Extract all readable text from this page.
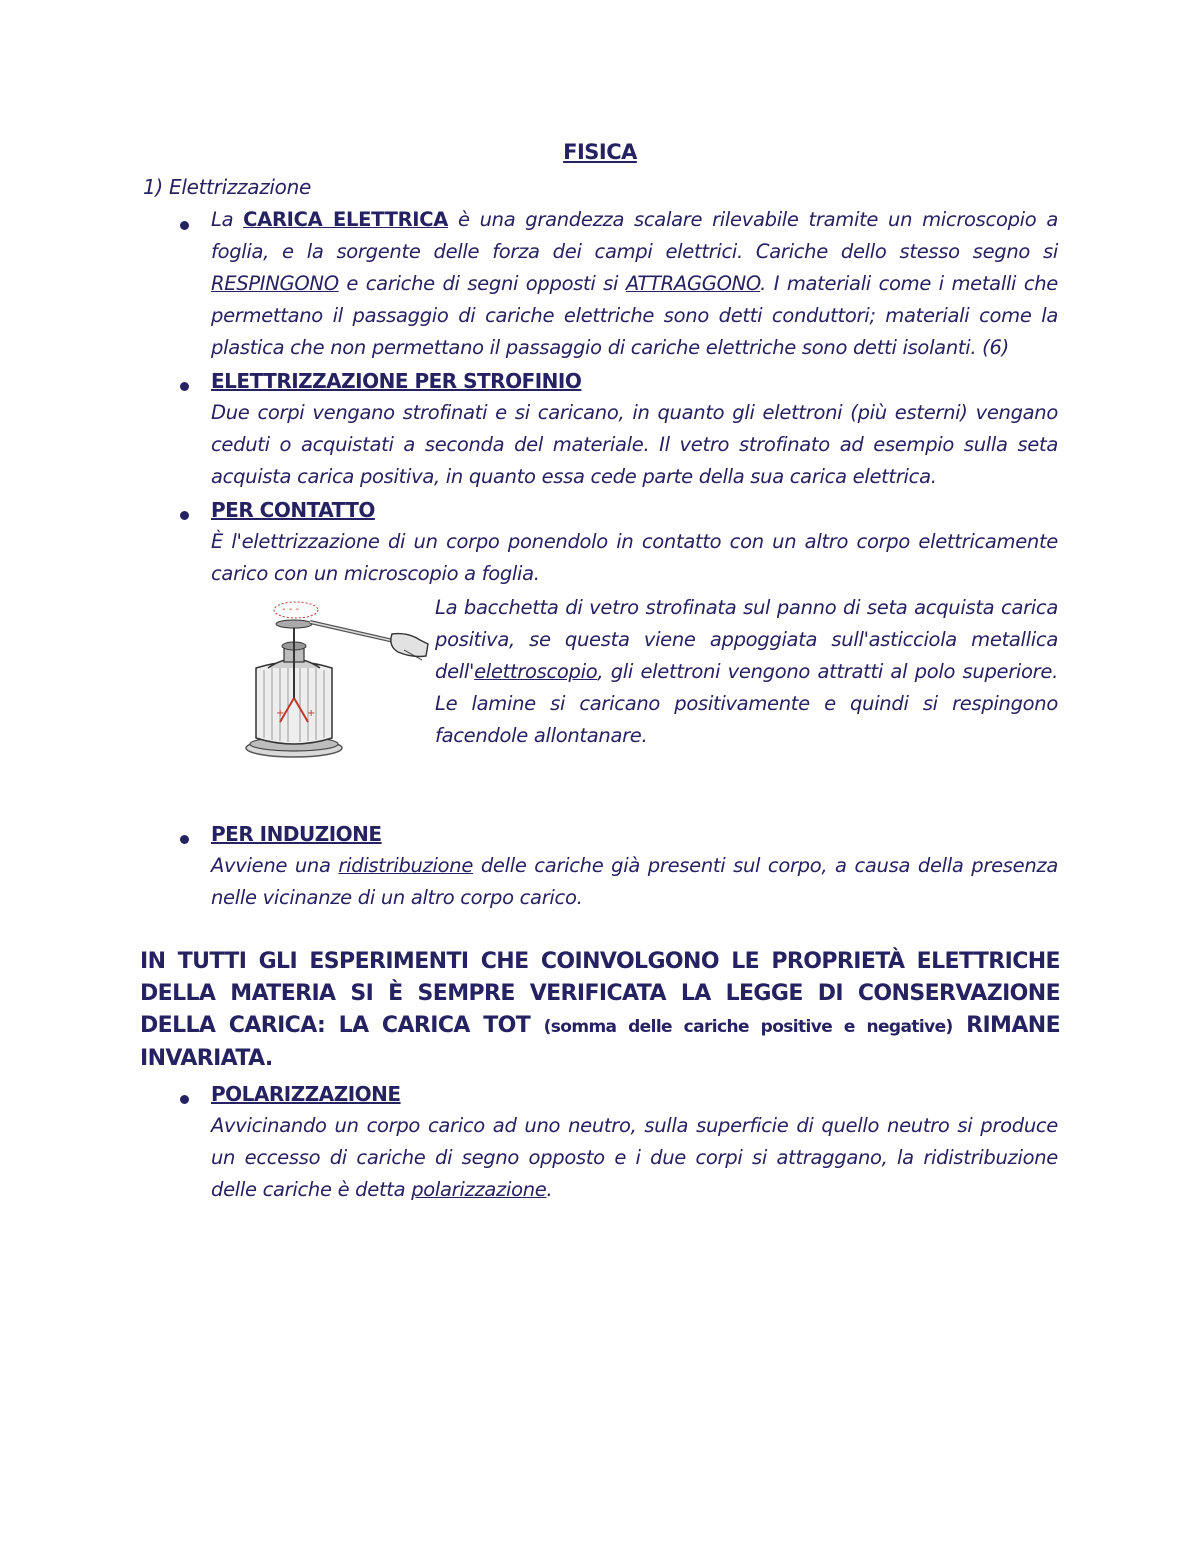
FISICA
1) Elettrizzazione
La CARICA ELETTRICA è una grandezza scalare rilevabile tramite un microscopio a foglia, e la sorgente delle forza dei campi elettrici. Cariche dello stesso segno si RESPINGONO e cariche di segni opposti si ATTRAGGONO. I materiali come i metalli che permettano il passaggio di cariche elettriche sono detti conduttori; materiali come la plastica che non permettano il passaggio di cariche elettriche sono detti isolanti. (6)
ELETTRIZZAZIONE PER STROFINIO
Due corpi vengano strofinati e si caricano, in quanto gli elettroni (più esterni) vengano ceduti o acquistati a seconda del materiale. Il vetro strofinato ad esempio sulla seta acquista carica positiva, in quanto essa cede parte della sua carica elettrica.
PER CONTATTO
È l'elettrizzazione di un corpo ponendolo in contatto con un altro corpo elettricamente carico con un microscopio a foglia.
+ +
- - -	La bacchetta di vetro strofinata sul panno di seta acquista carica positiva, se questa viene appoggiata sull'asticciola metallica dell'elettroscopio, gli elettroni vengono attratti al polo superiore. Le lamine si caricano positivamente e quindi si respingono facendole allontanare.
PER INDUZIONE
Avviene una ridistribuzione delle cariche già presenti sul corpo, a causa della presenza nelle vicinanze di un altro corpo carico.
IN TUTTI GLI ESPERIMENTI CHE COINVOLGONO LE PROPRIETÀ ELETTRICHE DELLA MATERIA SI È SEMPRE VERIFICATA LA LEGGE DI CONSERVAZIONE DELLA CARICA: LA CARICA TOT (somma delle cariche positive e negative) RIMANE INVARIATA.
POLARIZZAZIONE
Avvicinando un corpo carico ad uno neutro, sulla superficie di quello neutro si produce un eccesso di cariche di segno opposto e i due corpi si attraggano, la ridistribuzione delle cariche è detta polarizzazione.
